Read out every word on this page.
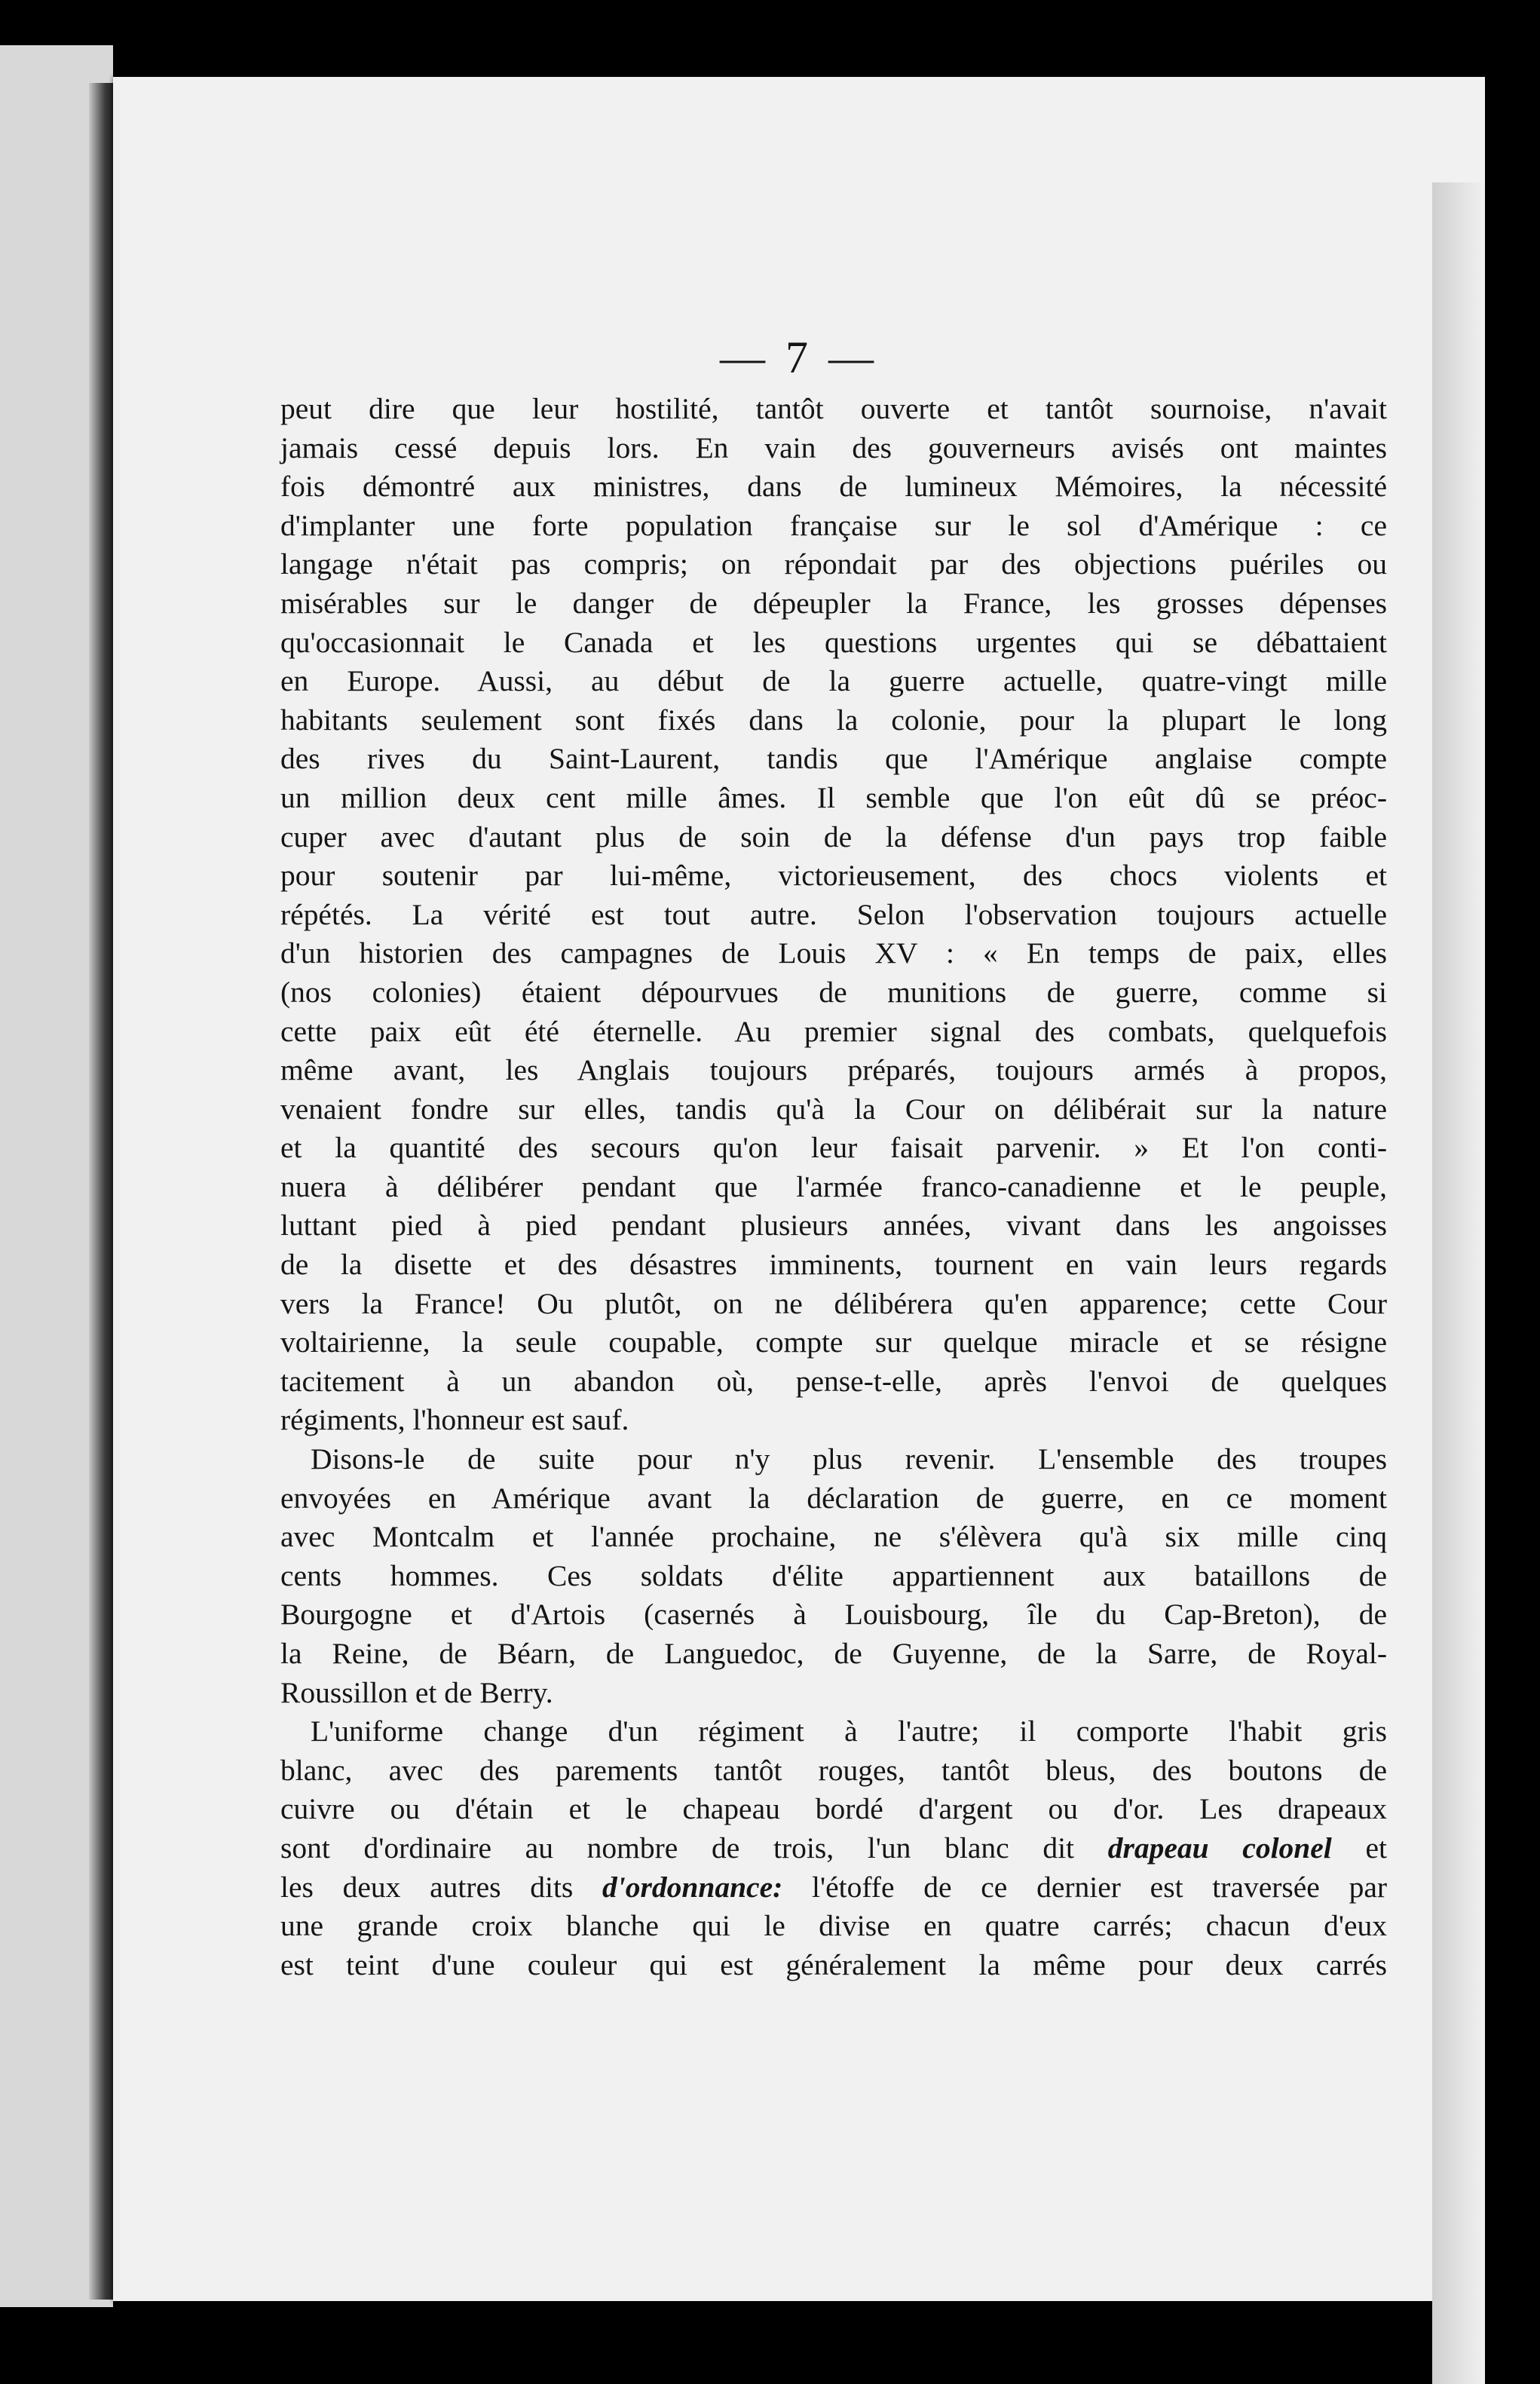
— 7 —
peut dire que leur hostilité, tantôt ouverte et tantôt sournoise, n'avait
jamais cessé depuis lors. En vain des gouverneurs avisés ont maintes
fois démontré aux ministres, dans de lumineux Mémoires, la nécessité
d'implanter une forte population française sur le sol d'Amérique : ce
langage n'était pas compris; on répondait par des objections puériles ou
misérables sur le danger de dépeupler la France, les grosses dépenses
qu'occasionnait le Canada et les questions urgentes qui se débattaient
en Europe. Aussi, au début de la guerre actuelle, quatre-vingt mille
habitants seulement sont fixés dans la colonie, pour la plupart le long
des rives du Saint-Laurent, tandis que l'Amérique anglaise compte
un million deux cent mille âmes. Il semble que l'on eût dû se préoc-
cuper avec d'autant plus de soin de la défense d'un pays trop faible
pour soutenir par lui-même, victorieusement, des chocs violents et
répétés. La vérité est tout autre. Selon l'observation toujours actuelle
d'un historien des campagnes de Louis XV : « En temps de paix, elles
(nos colonies) étaient dépourvues de munitions de guerre, comme si
cette paix eût été éternelle. Au premier signal des combats, quelquefois
même avant, les Anglais toujours préparés, toujours armés à propos,
venaient fondre sur elles, tandis qu'à la Cour on délibérait sur la nature
et la quantité des secours qu'on leur faisait parvenir. » Et l'on conti-
nuera à délibérer pendant que l'armée franco-canadienne et le peuple,
luttant pied à pied pendant plusieurs années, vivant dans les angoisses
de la disette et des désastres imminents, tournent en vain leurs regards
vers la France! Ou plutôt, on ne délibérera qu'en apparence; cette Cour
voltairienne, la seule coupable, compte sur quelque miracle et se résigne
tacitement à un abandon où, pense-t-elle, après l'envoi de quelques
régiments, l'honneur est sauf.
Disons-le de suite pour n'y plus revenir. L'ensemble des troupes
envoyées en Amérique avant la déclaration de guerre, en ce moment
avec Montcalm et l'année prochaine, ne s'élèvera qu'à six mille cinq
cents hommes. Ces soldats d'élite appartiennent aux bataillons de
Bourgogne et d'Artois (casernés à Louisbourg, île du Cap-Breton), de
la Reine, de Béarn, de Languedoc, de Guyenne, de la Sarre, de Royal-
Roussillon et de Berry.
L'uniforme change d'un régiment à l'autre; il comporte l'habit gris
blanc, avec des parements tantôt rouges, tantôt bleus, des boutons de
cuivre ou d'étain et le chapeau bordé d'argent ou d'or. Les drapeaux
sont d'ordinaire au nombre de trois, l'un blanc dit drapeau colonel et
les deux autres dits d'ordonnance: l'étoffe de ce dernier est traversée par
une grande croix blanche qui le divise en quatre carrés; chacun d'eux
est teint d'une couleur qui est généralement la même pour deux carrés
